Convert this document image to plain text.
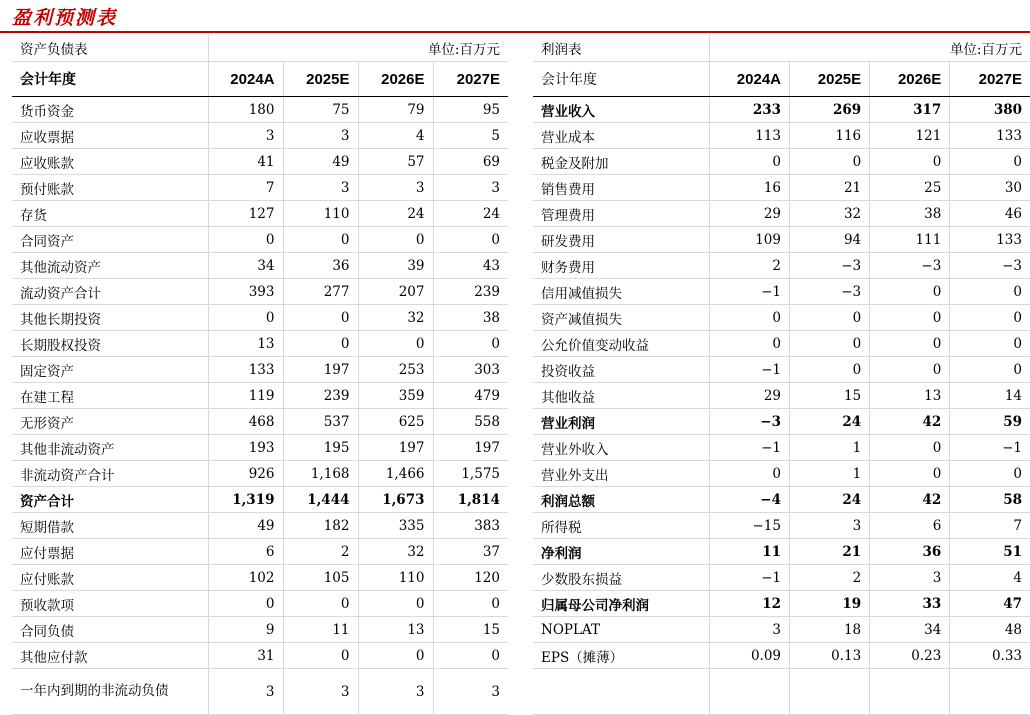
盈利预测表
资产负债表	单位:百万元			
会计年度	2024A	2025E	2026E	2027E
货币资金	180	75	79	95
应收票据	3	3	4	5
应收账款	41	49	57	69
预付账款	7	3	3	3
存货	127	110	24	24
合同资产	0	0	0	0
其他流动资产	34	36	39	43
流动资产合计	393	277	207	239
其他长期投资	0	0	32	38
长期股权投资	13	0	0	0
固定资产	133	197	253	303
在建工程	119	239	359	479
无形资产	468	537	625	558
其他非流动资产	193	195	197	197
非流动资产合计	926	1,168	1,466	1,575
资产合计	1,319	1,444	1,673	1,814
短期借款	49	182	335	383
应付票据	6	2	32	37
应付账款	102	105	110	120
预收款项	0	0	0	0
合同负债	9	11	13	15
其他应付款	31	0	0	0
一年内到期的非流动负债	3	3	3	3
利润表	单位:百万元			
会计年度	2024A	2025E	2026E	2027E
营业收入	233	269	317	380
营业成本	113	116	121	133
税金及附加	0	0	0	0
销售费用	16	21	25	30
管理费用	29	32	38	46
研发费用	109	94	111	133
财务费用	2	−3	−3	−3
信用减值损失	−1	−3	0	0
资产减值损失	0	0	0	0
公允价值变动收益	0	0	0	0
投资收益	−1	0	0	0
其他收益	29	15	13	14
营业利润	−3	24	42	59
营业外收入	−1	1	0	−1
营业外支出	0	1	0	0
利润总额	−4	24	42	58
所得税	−15	3	6	7
净利润	11	21	36	51
少数股东损益	−1	2	3	4
归属母公司净利润	12	19	33	47
NOPLAT	3	18	34	48
EPS（摊薄）	0.09	0.13	0.23	0.33
